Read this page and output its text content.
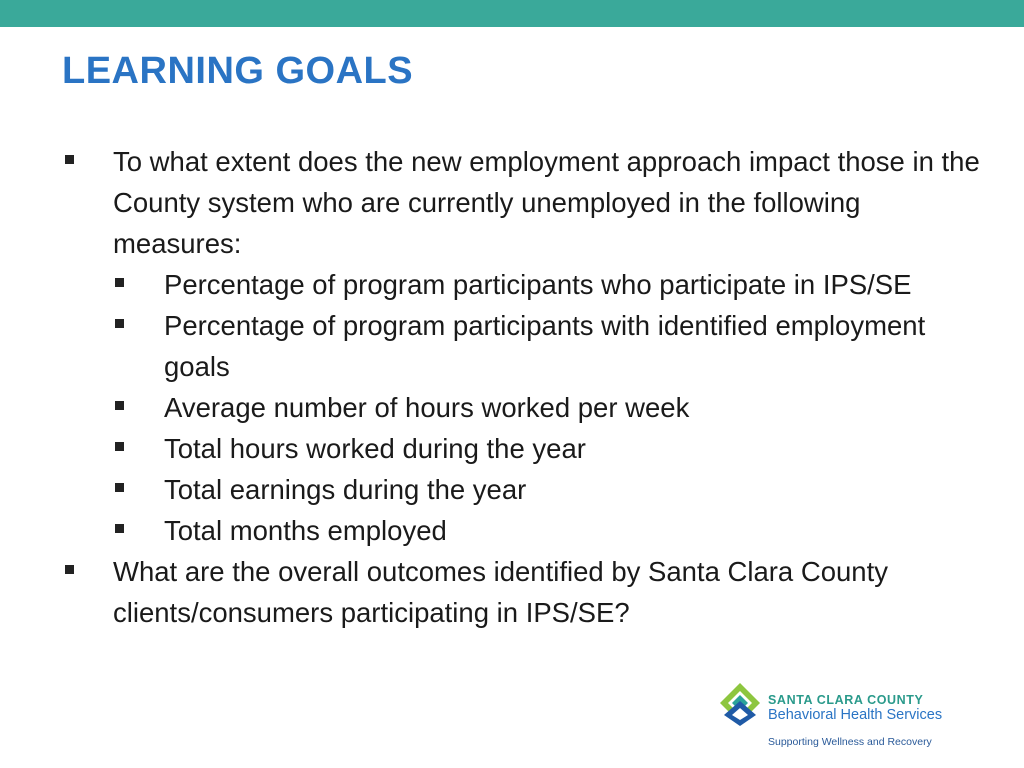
LEARNING GOALS
To what extent does the new employment approach impact those in the County system who are currently unemployed in the following measures:
Percentage of program participants who participate in IPS/SE
Percentage of program participants with identified employment goals
Average number of hours worked per week
Total hours worked during the year
Total earnings during the year
Total months employed
What are the overall outcomes identified by Santa Clara County clients/consumers participating in IPS/SE?
SANTA CLARA COUNTY
Behavioral Health Services
Supporting Wellness and Recovery
